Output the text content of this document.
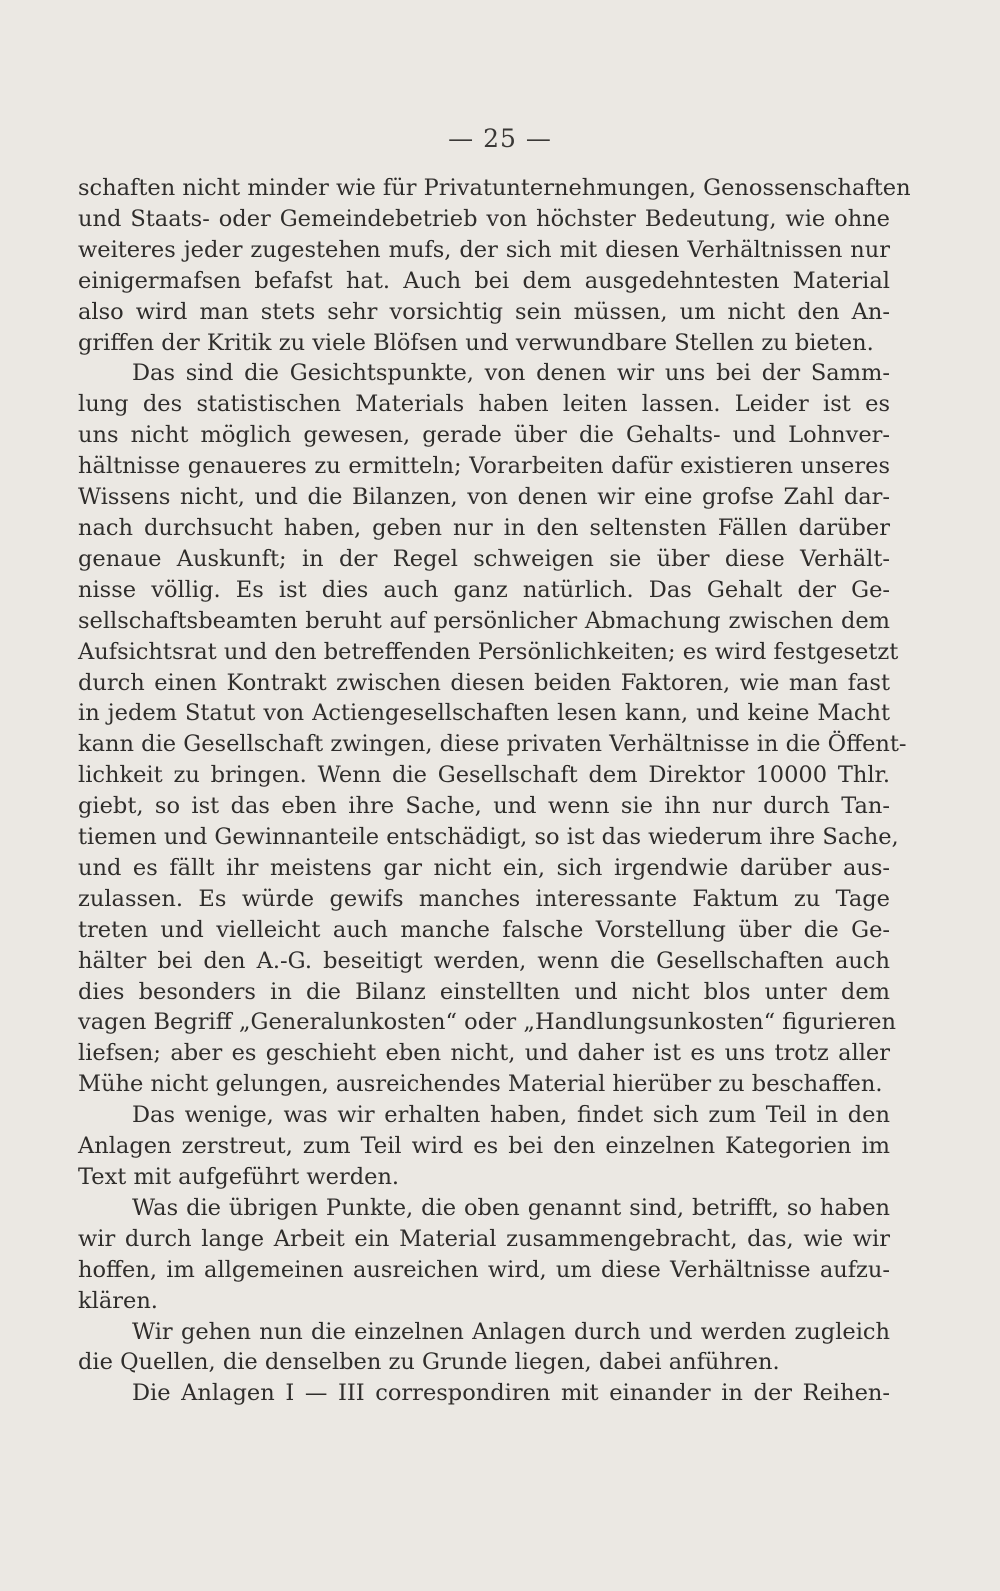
— 25 —
schaften nicht minder wie für Privatunternehmungen, Genossenschaften
und Staats- oder Gemeindebetrieb von höchster Bedeutung, wie ohne
weiteres jeder zugestehen mufs, der sich mit diesen Verhältnissen nur
einigermafsen befafst hat. Auch bei dem ausgedehntesten Material
also wird man stets sehr vorsichtig sein müssen, um nicht den An-
griffen der Kritik zu viele Blöfsen und verwundbare Stellen zu bieten.
Das sind die Gesichtspunkte, von denen wir uns bei der Samm-
lung des statistischen Materials haben leiten lassen. Leider ist es
uns nicht möglich gewesen, gerade über die Gehalts- und Lohnver-
hältnisse genaueres zu ermitteln; Vorarbeiten dafür existieren unseres
Wissens nicht, und die Bilanzen, von denen wir eine grofse Zahl dar-
nach durchsucht haben, geben nur in den seltensten Fällen darüber
genaue Auskunft; in der Regel schweigen sie über diese Verhält-
nisse völlig. Es ist dies auch ganz natürlich. Das Gehalt der Ge-
sellschaftsbeamten beruht auf persönlicher Abmachung zwischen dem
Aufsichtsrat und den betreffenden Persönlichkeiten; es wird festgesetzt
durch einen Kontrakt zwischen diesen beiden Faktoren, wie man fast
in jedem Statut von Actiengesellschaften lesen kann, und keine Macht
kann die Gesellschaft zwingen, diese privaten Verhältnisse in die Öffent-
lichkeit zu bringen. Wenn die Gesellschaft dem Direktor 10000 Thlr.
giebt, so ist das eben ihre Sache, und wenn sie ihn nur durch Tan-
tiemen und Gewinnanteile entschädigt, so ist das wiederum ihre Sache,
und es fällt ihr meistens gar nicht ein, sich irgendwie darüber aus-
zulassen. Es würde gewifs manches interessante Faktum zu Tage
treten und vielleicht auch manche falsche Vorstellung über die Ge-
hälter bei den A.-G. beseitigt werden, wenn die Gesellschaften auch
dies besonders in die Bilanz einstellten und nicht blos unter dem
vagen Begriff „Generalunkosten“ oder „Handlungsunkosten“ figurieren
liefsen; aber es geschieht eben nicht, und daher ist es uns trotz aller
Mühe nicht gelungen, ausreichendes Material hierüber zu beschaffen.
Das wenige, was wir erhalten haben, findet sich zum Teil in den
Anlagen zerstreut, zum Teil wird es bei den einzelnen Kategorien im
Text mit aufgeführt werden.
Was die übrigen Punkte, die oben genannt sind, betrifft, so haben
wir durch lange Arbeit ein Material zusammengebracht, das, wie wir
hoffen, im allgemeinen ausreichen wird, um diese Verhältnisse aufzu-
klären.
Wir gehen nun die einzelnen Anlagen durch und werden zugleich
die Quellen, die denselben zu Grunde liegen, dabei anführen.
Die Anlagen I — III correspondiren mit einander in der Reihen-
